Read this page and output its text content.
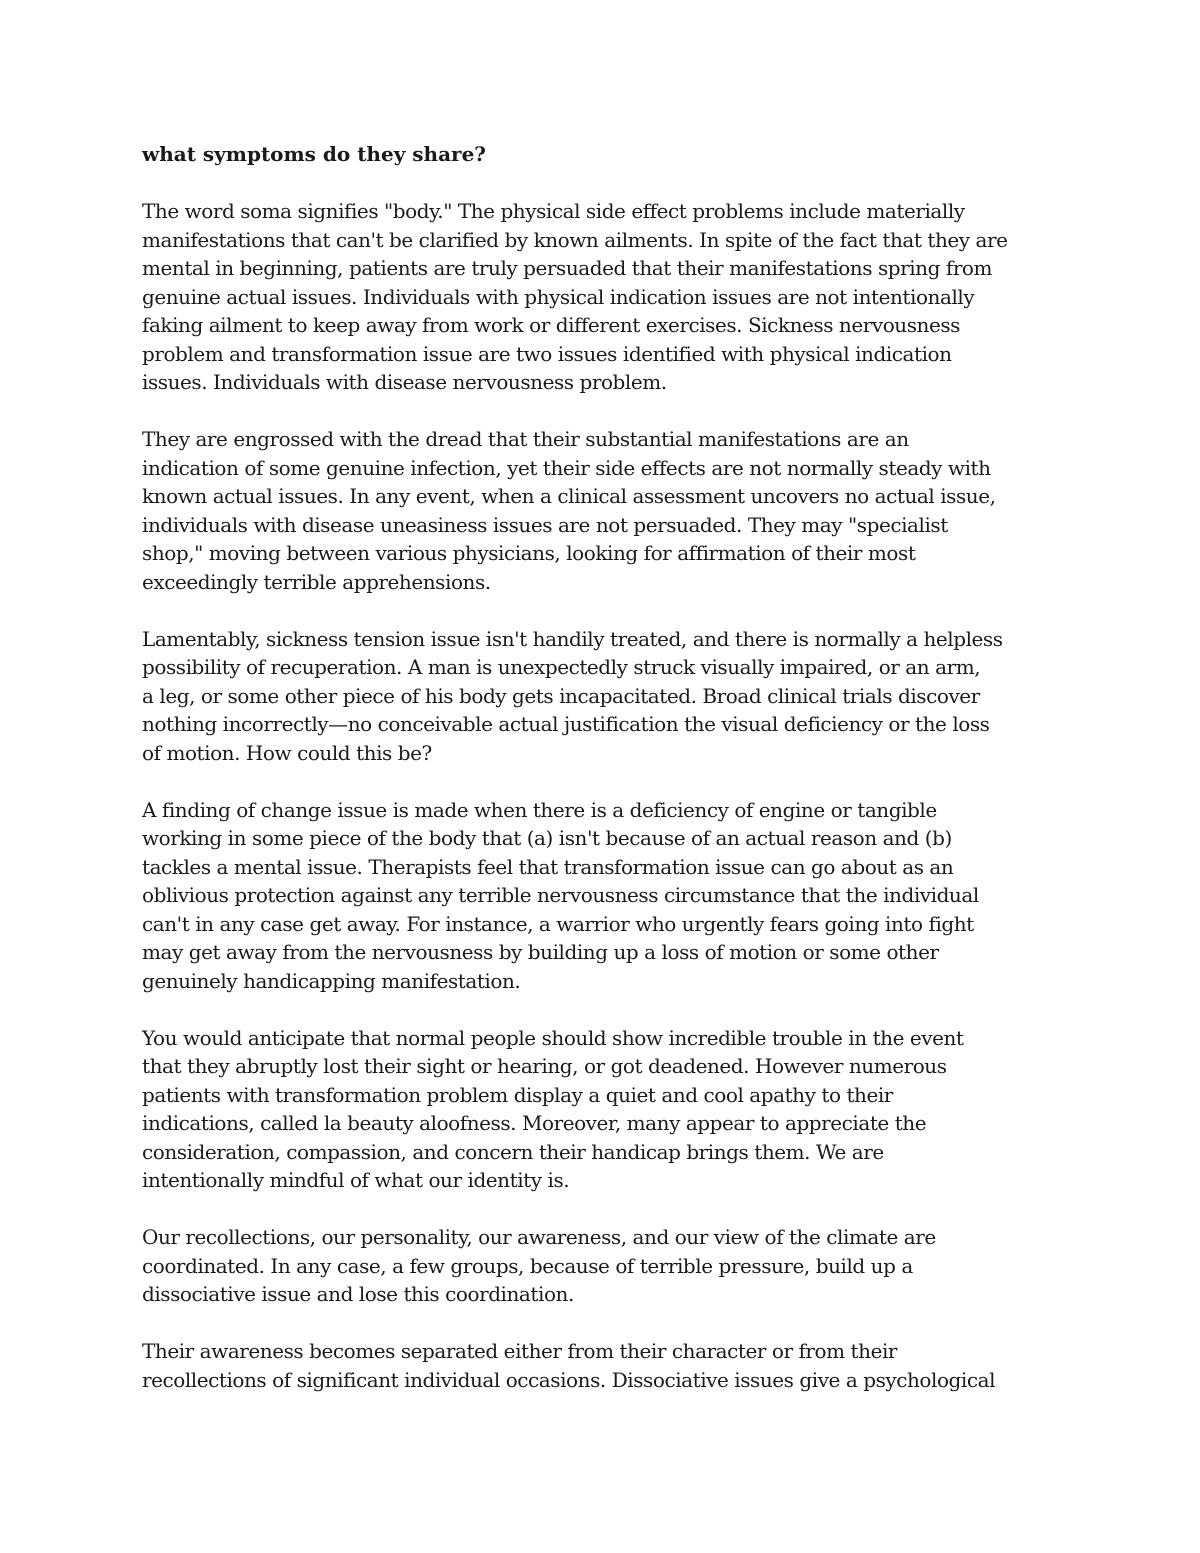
what symptoms do they share?
The word soma signifies "body." The physical side effect problems include materially
manifestations that can't be clarified by known ailments. In spite of the fact that they are
mental in beginning, patients are truly persuaded that their manifestations spring from
genuine actual issues. Individuals with physical indication issues are not intentionally
faking ailment to keep away from work or different exercises. Sickness nervousness
problem and transformation issue are two issues identified with physical indication
issues. Individuals with disease nervousness problem.
They are engrossed with the dread that their substantial manifestations are an
indication of some genuine infection, yet their side effects are not normally steady with
known actual issues. In any event, when a clinical assessment uncovers no actual issue,
individuals with disease uneasiness issues are not persuaded. They may "specialist
shop," moving between various physicians, looking for affirmation of their most
exceedingly terrible apprehensions.
Lamentably, sickness tension issue isn't handily treated, and there is normally a helpless
possibility of recuperation. A man is unexpectedly struck visually impaired, or an arm,
a leg, or some other piece of his body gets incapacitated. Broad clinical trials discover
nothing incorrectly—no conceivable actual justification the visual deficiency or the loss
of motion. How could this be?
A finding of change issue is made when there is a deficiency of engine or tangible
working in some piece of the body that (a) isn't because of an actual reason and (b)
tackles a mental issue. Therapists feel that transformation issue can go about as an
oblivious protection against any terrible nervousness circumstance that the individual
can't in any case get away. For instance, a warrior who urgently fears going into fight
may get away from the nervousness by building up a loss of motion or some other
genuinely handicapping manifestation.
You would anticipate that normal people should show incredible trouble in the event
that they abruptly lost their sight or hearing, or got deadened. However numerous
patients with transformation problem display a quiet and cool apathy to their
indications, called la beauty aloofness. Moreover, many appear to appreciate the
consideration, compassion, and concern their handicap brings them. We are
intentionally mindful of what our identity is.
Our recollections, our personality, our awareness, and our view of the climate are
coordinated. In any case, a few groups, because of terrible pressure, build up a
dissociative issue and lose this coordination.
Their awareness becomes separated either from their character or from their
recollections of significant individual occasions. Dissociative issues give a psychological
